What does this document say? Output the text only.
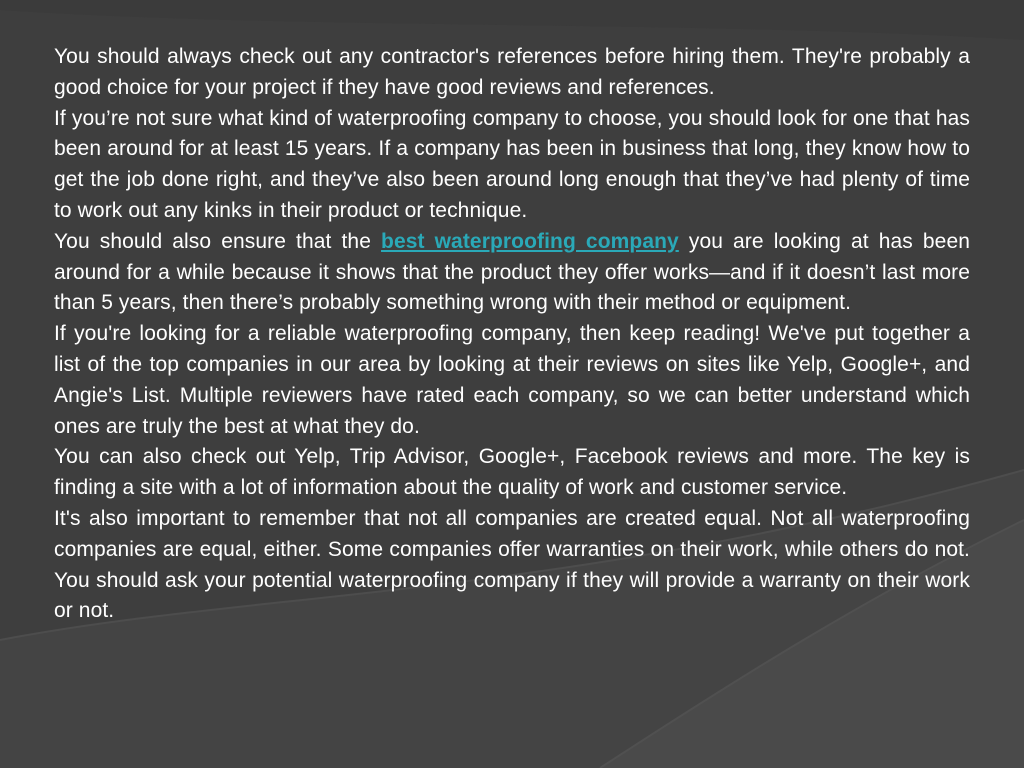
You should always check out any contractor's references before hiring them. They're probably a good choice for your project if they have good reviews and references.

If you’re not sure what kind of waterproofing company to choose, you should look for one that has been around for at least 15 years. If a company has been in business that long, they know how to get the job done right, and they’ve also been around long enough that they’ve had plenty of time to work out any kinks in their product or technique.

You should also ensure that the best waterproofing company you are looking at has been around for a while because it shows that the product they offer works—and if it doesn’t last more than 5 years, then there’s probably something wrong with their method or equipment.

If you're looking for a reliable waterproofing company, then keep reading! We've put together a list of the top companies in our area by looking at their reviews on sites like Yelp, Google+, and Angie's List. Multiple reviewers have rated each company, so we can better understand which ones are truly the best at what they do.

You can also check out Yelp, Trip Advisor, Google+, Facebook reviews and more. The key is finding a site with a lot of information about the quality of work and customer service.

It's also important to remember that not all companies are created equal. Not all waterproofing companies are equal, either. Some companies offer warranties on their work, while others do not. You should ask your potential waterproofing company if they will provide a warranty on their work or not.
